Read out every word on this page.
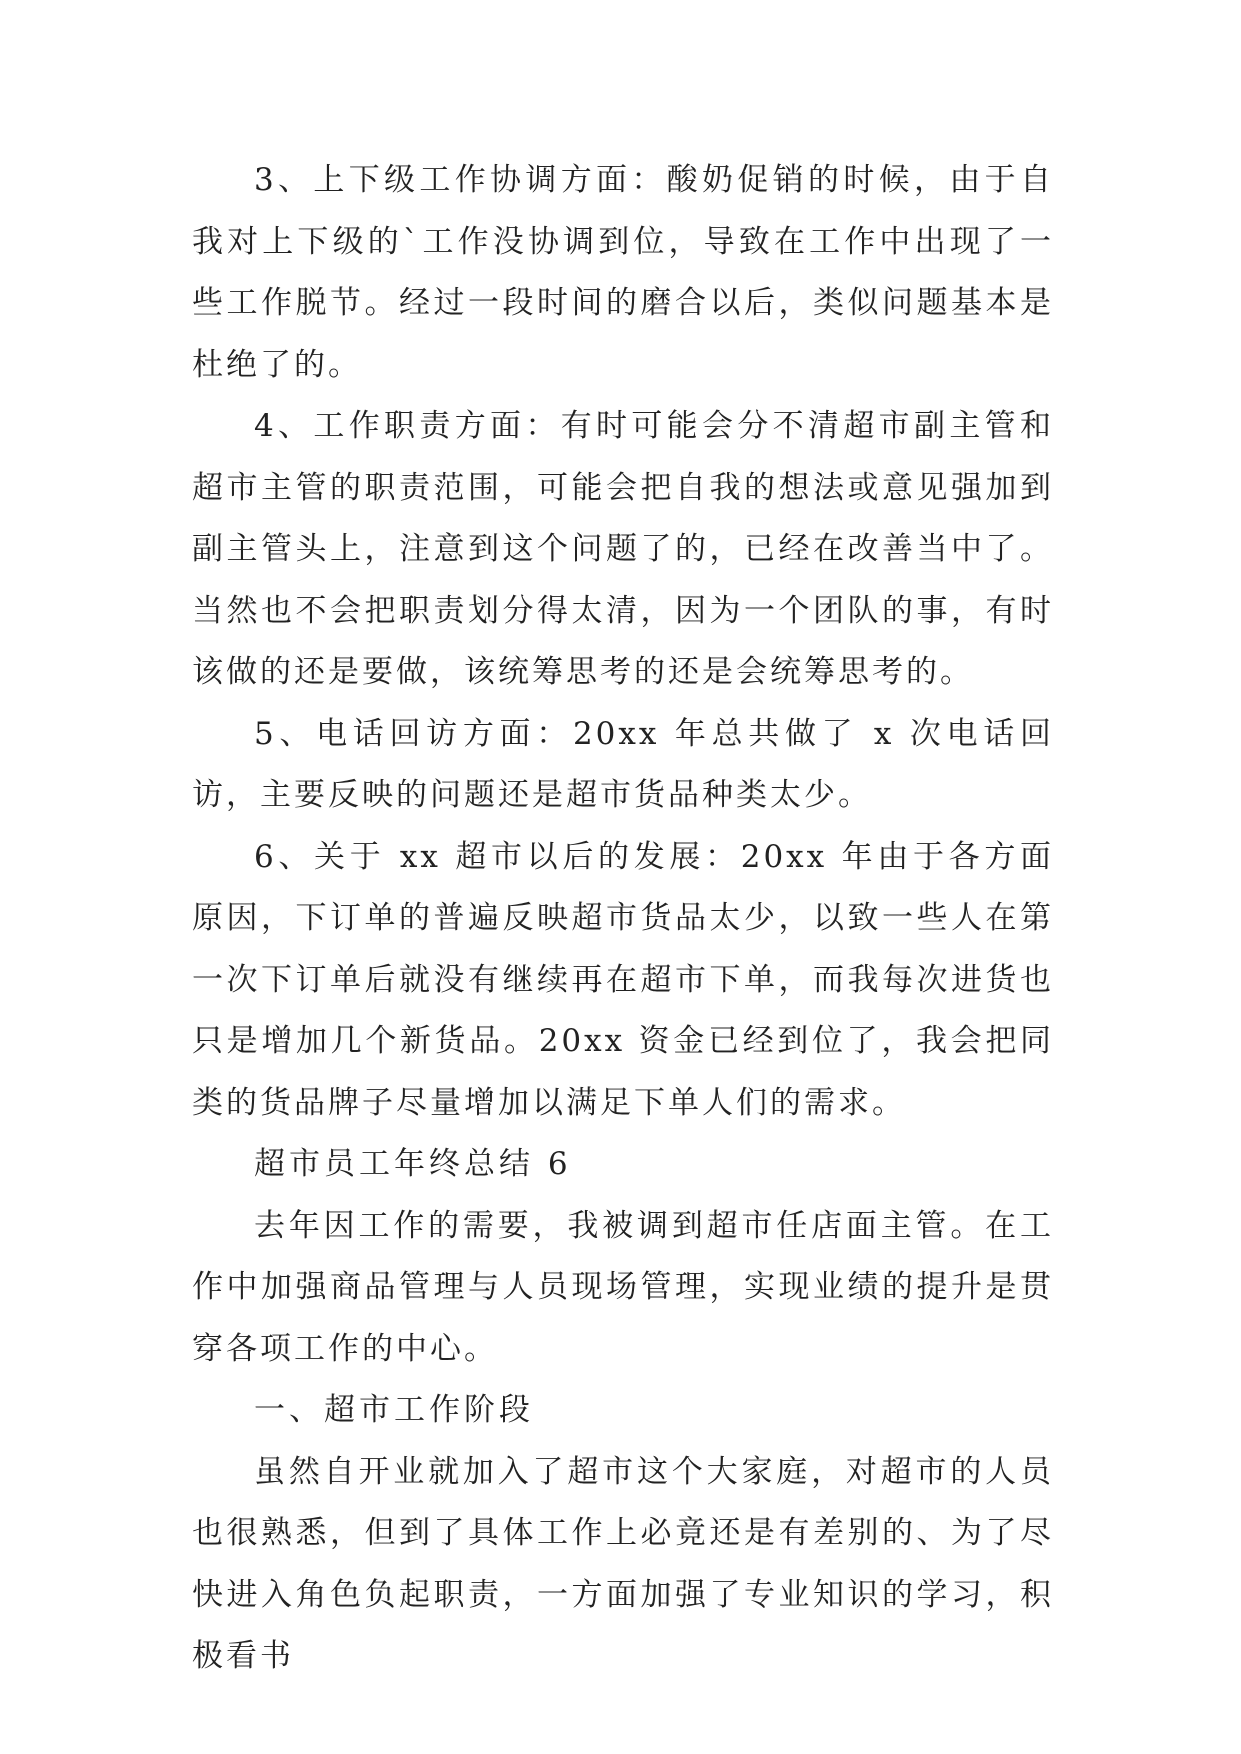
3、上下级工作协调方面：酸奶促销的时候，由于自我对上下级的`工作没协调到位，导致在工作中出现了一些工作脱节。经过一段时间的磨合以后，类似问题基本是杜绝了的。

4、工作职责方面：有时可能会分不清超市副主管和超市主管的职责范围，可能会把自我的想法或意见强加到副主管头上，注意到这个问题了的，已经在改善当中了。当然也不会把职责划分得太清，因为一个团队的事，有时该做的还是要做，该统筹思考的还是会统筹思考的。

5、电话回访方面：20xx 年总共做了 x 次电话回访，主要反映的问题还是超市货品种类太少。

6、关于 xx 超市以后的发展：20xx 年由于各方面原因，下订单的普遍反映超市货品太少，以致一些人在第一次下订单后就没有继续再在超市下单，而我每次进货也只是增加几个新货品。20xx 资金已经到位了，我会把同类的货品牌子尽量增加以满足下单人们的需求。

超市员工年终总结 6

去年因工作的需要，我被调到超市任店面主管。在工作中加强商品管理与人员现场管理，实现业绩的提升是贯穿各项工作的中心。

一、超市工作阶段

虽然自开业就加入了超市这个大家庭，对超市的人员也很熟悉，但到了具体工作上必竟还是有差别的、为了尽快进入角色负起职责，一方面加强了专业知识的学习，积极看书
